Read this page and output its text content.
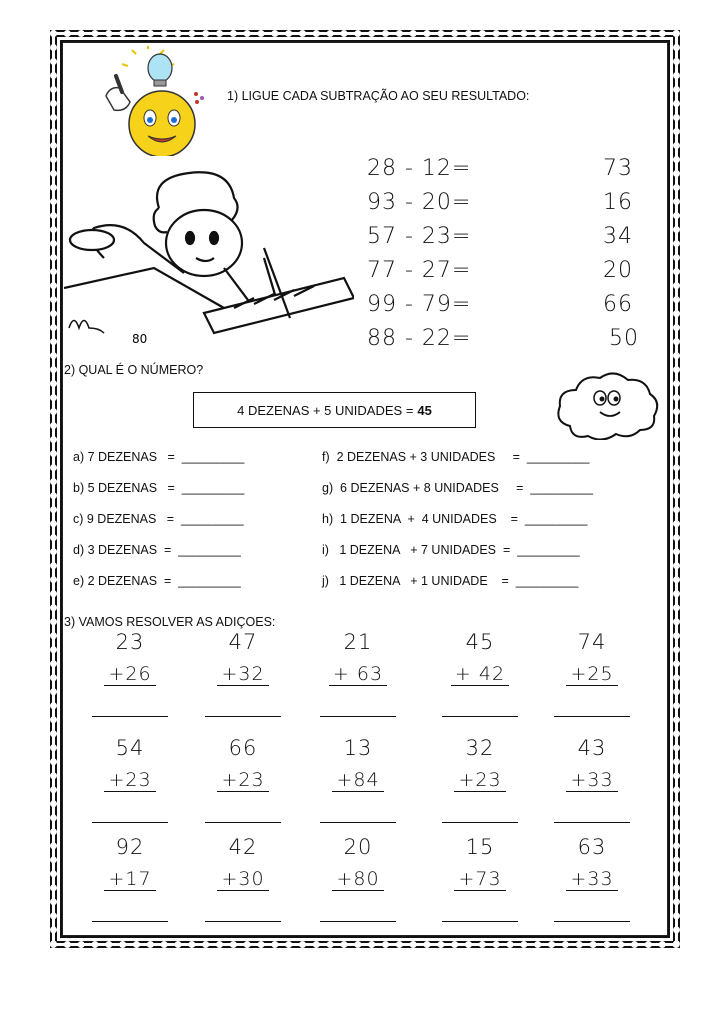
1) LIGUE CADA SUBTRAÇÃO AO SEU RESULTADO:
80
28 - 12=
93 - 20=
57 - 23=
77 - 27=
99 - 79=
88 - 22=
73
16
34
20
66
50
2) QUAL É O NÚMERO?
4 DEZENAS + 5 UNIDADES = 45
a) 7 DEZENAS   =  _________
b) 5 DEZENAS   =  _________
c) 9 DEZENAS   =  _________
d) 3 DEZENAS  =  _________
e) 2 DEZENAS  =  _________
f)  2 DEZENAS + 3 UNIDADES     =  _________
g)  6 DEZENAS + 8 UNIDADES     =  _________
h)  1 DEZENA  +  4 UNIDADES    =  _________
i)   1 DEZENA   + 7 UNIDADES  =  _________
j)   1 DEZENA   + 1 UNIDADE    =  _________
3) VAMOS RESOLVER AS ADIÇOES:
23
+26
47
+32
21
+ 63
45
+ 42
74
+25
54
+23
66
+23
13
+84
32
+23
43
+33
92
+17
42
+30
20
+80
15
+73
63
+33
